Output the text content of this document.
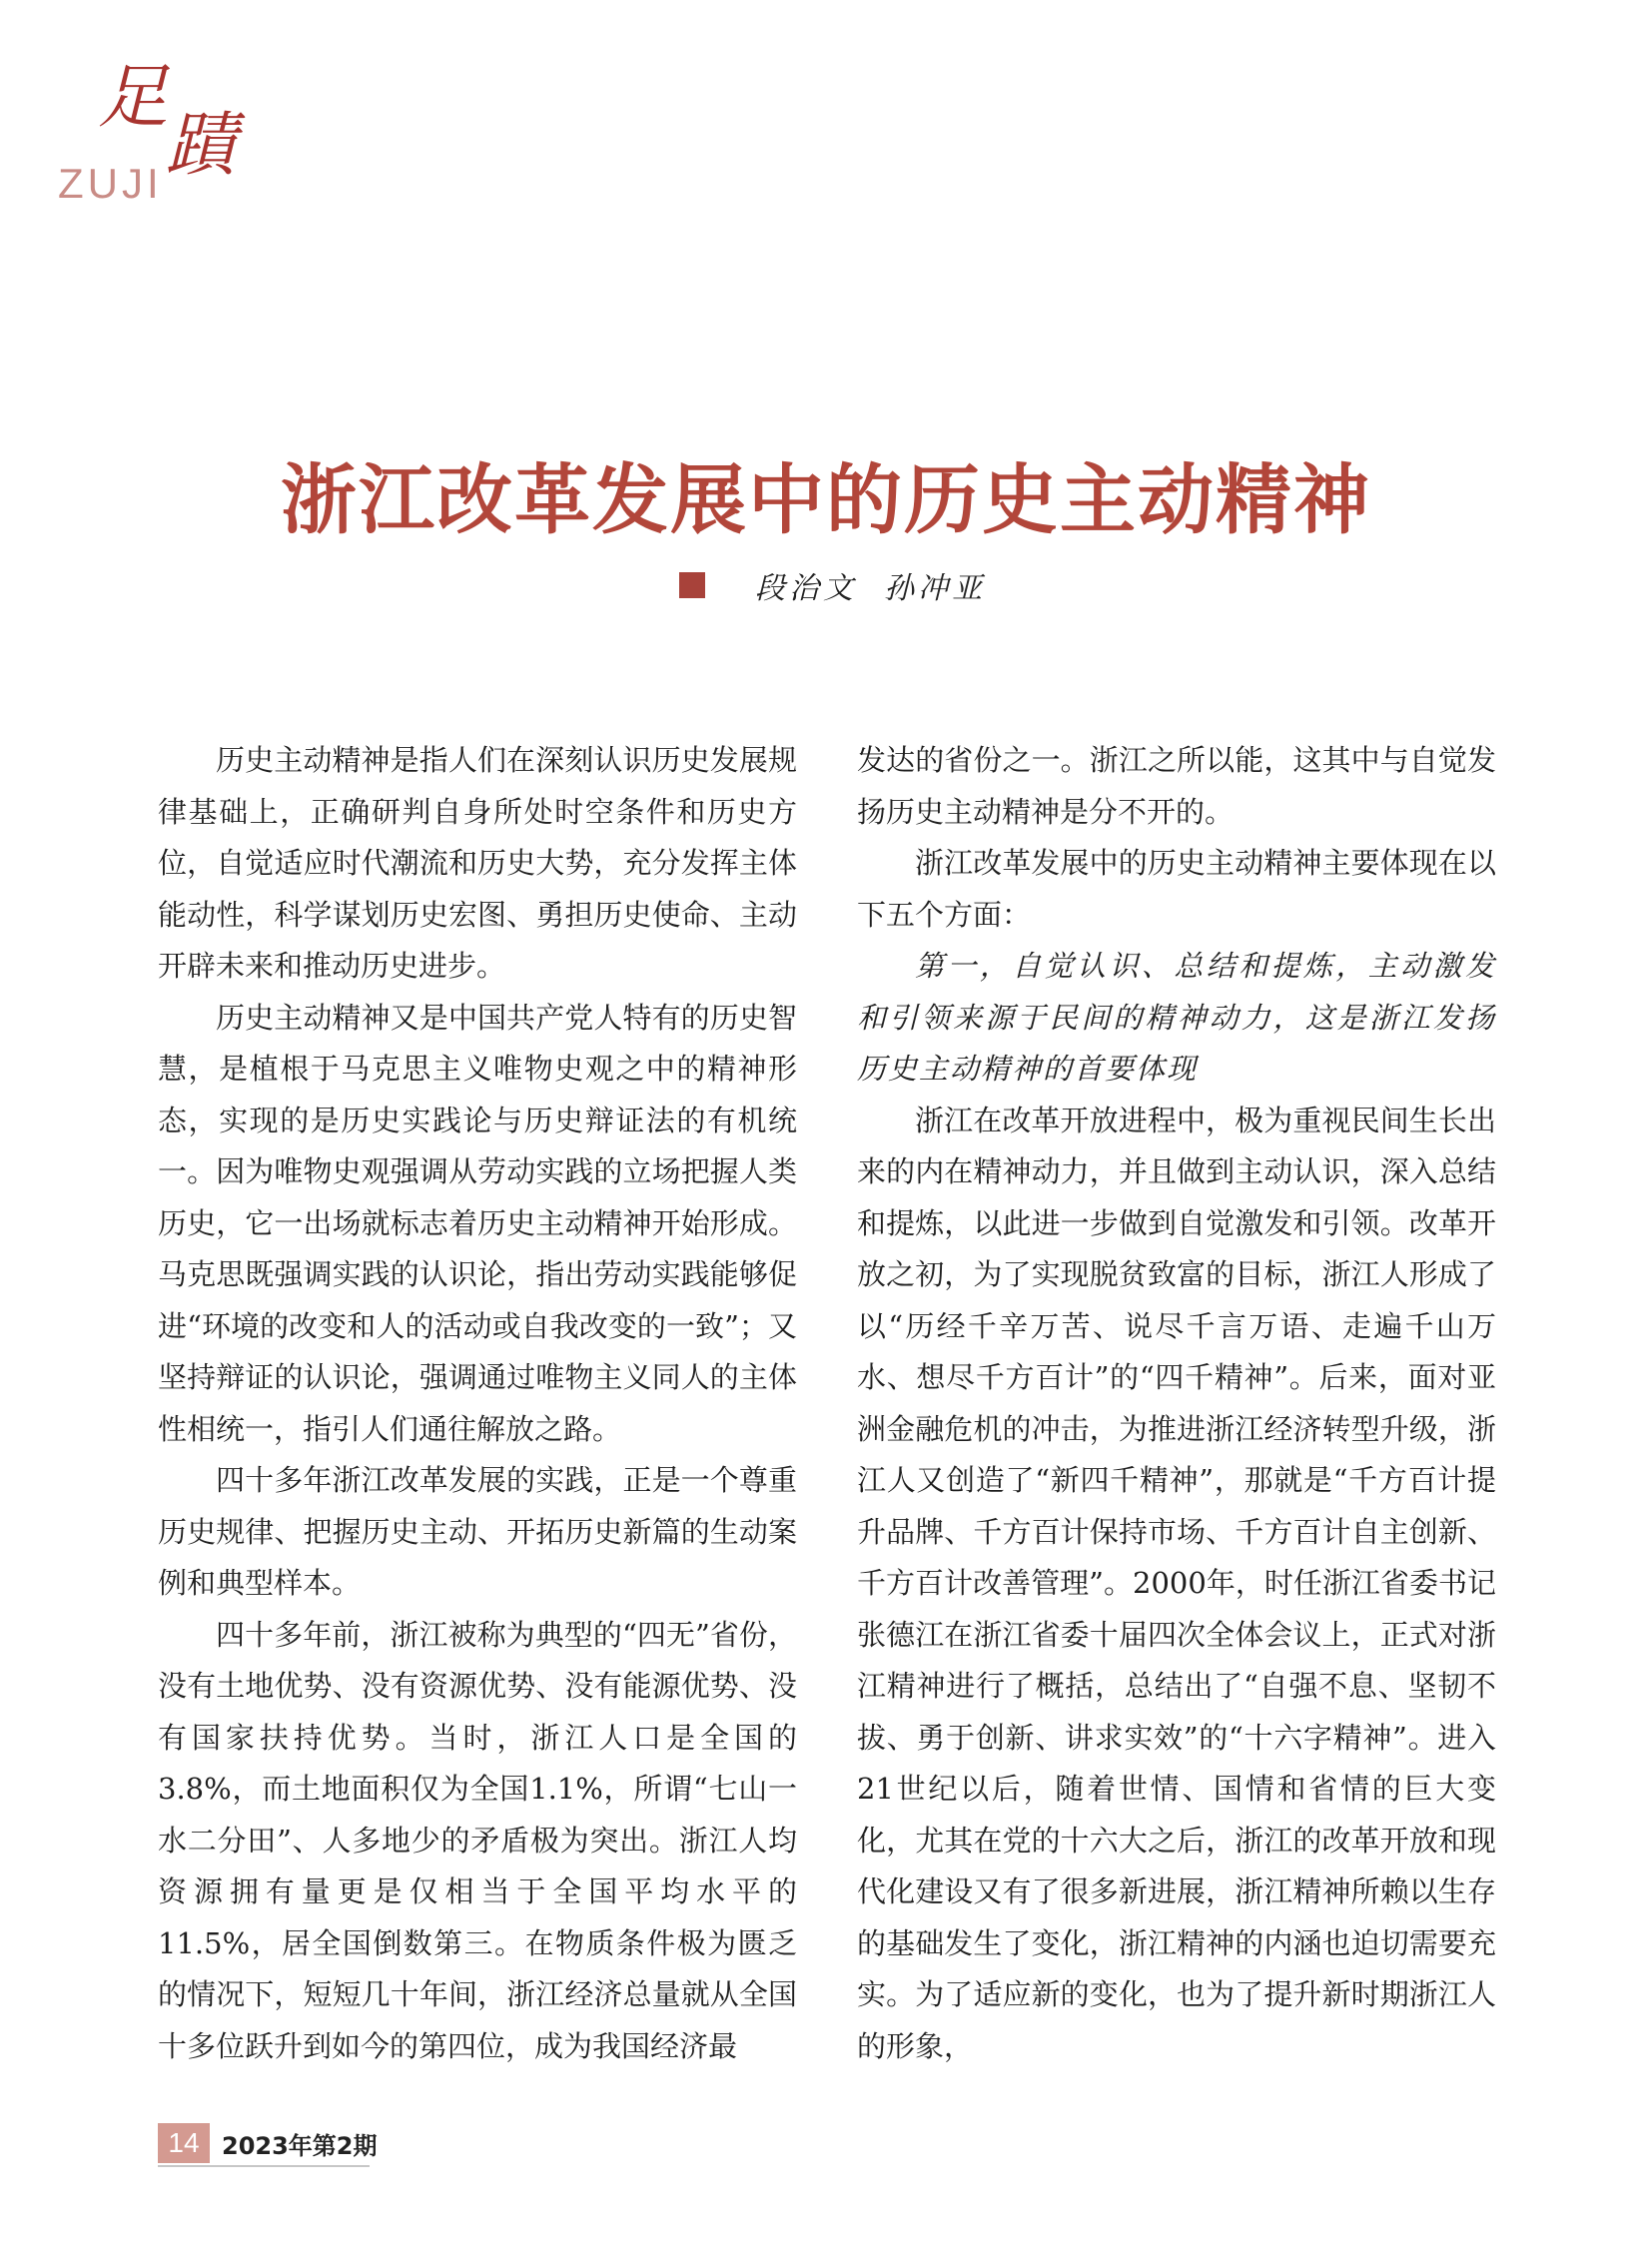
足
蹟
ZUJI
浙江改革发展中的历史主动精神
段治文  孙冲亚

历史主动精神是指人们在深刻认识历史发展规律基础上，正确研判自身所处时空条件和历史方位，自觉适应时代潮流和历史大势，充分发挥主体能动性，科学谋划历史宏图、勇担历史使命、主动开辟未来和推动历史进步。

历史主动精神又是中国共产党人特有的历史智慧，是植根于马克思主义唯物史观之中的精神形态，实现的是历史实践论与历史辩证法的有机统一。因为唯物史观强调从劳动实践的立场把握人类历史，它一出场就标志着历史主动精神开始形成。马克思既强调实践的认识论，指出劳动实践能够促进“环境的改变和人的活动或自我改变的一致”；又坚持辩证的认识论，强调通过唯物主义同人的主体性相统一，指引人们通往解放之路。

四十多年浙江改革发展的实践，正是一个尊重历史规律、把握历史主动、开拓历史新篇的生动案例和典型样本。

四十多年前，浙江被称为典型的“四无”省份，没有土地优势、没有资源优势、没有能源优势、没有国家扶持优势。当时，浙江人口是全国的3.8%，而土地面积仅为全国1.1%，所谓“七山一水二分田”、人多地少的矛盾极为突出。浙江人均资源拥有量更是仅相当于全国平均水平的11.5%，居全国倒数第三。在物质条件极为匮乏的情况下，短短几十年间，浙江经济总量就从全国十多位跃升到如今的第四位，成为我国经济最

发达的省份之一。浙江之所以能，这其中与自觉发扬历史主动精神是分不开的。

浙江改革发展中的历史主动精神主要体现在以下五个方面：

第一，自觉认识、总结和提炼，主动激发和引领来源于民间的精神动力，这是浙江发扬历史主动精神的首要体现

浙江在改革开放进程中，极为重视民间生长出来的内在精神动力，并且做到主动认识，深入总结和提炼，以此进一步做到自觉激发和引领。改革开放之初，为了实现脱贫致富的目标，浙江人形成了以“历经千辛万苦、说尽千言万语、走遍千山万水、想尽千方百计”的“四千精神”。后来，面对亚洲金融危机的冲击，为推进浙江经济转型升级，浙江人又创造了“新四千精神”，那就是“千方百计提升品牌、千方百计保持市场、千方百计自主创新、千方百计改善管理”。2000年，时任浙江省委书记张德江在浙江省委十届四次全体会议上，正式对浙江精神进行了概括，总结出了“自强不息、坚韧不拔、勇于创新、讲求实效”的“十六字精神”。进入21世纪以后，随着世情、国情和省情的巨大变化，尤其在党的十六大之后，浙江的改革开放和现代化建设又有了很多新进展，浙江精神所赖以生存的基础发生了变化，浙江精神的内涵也迫切需要充实。为了适应新的变化，也为了提升新时期浙江人的形象，

14 2023年第2期
